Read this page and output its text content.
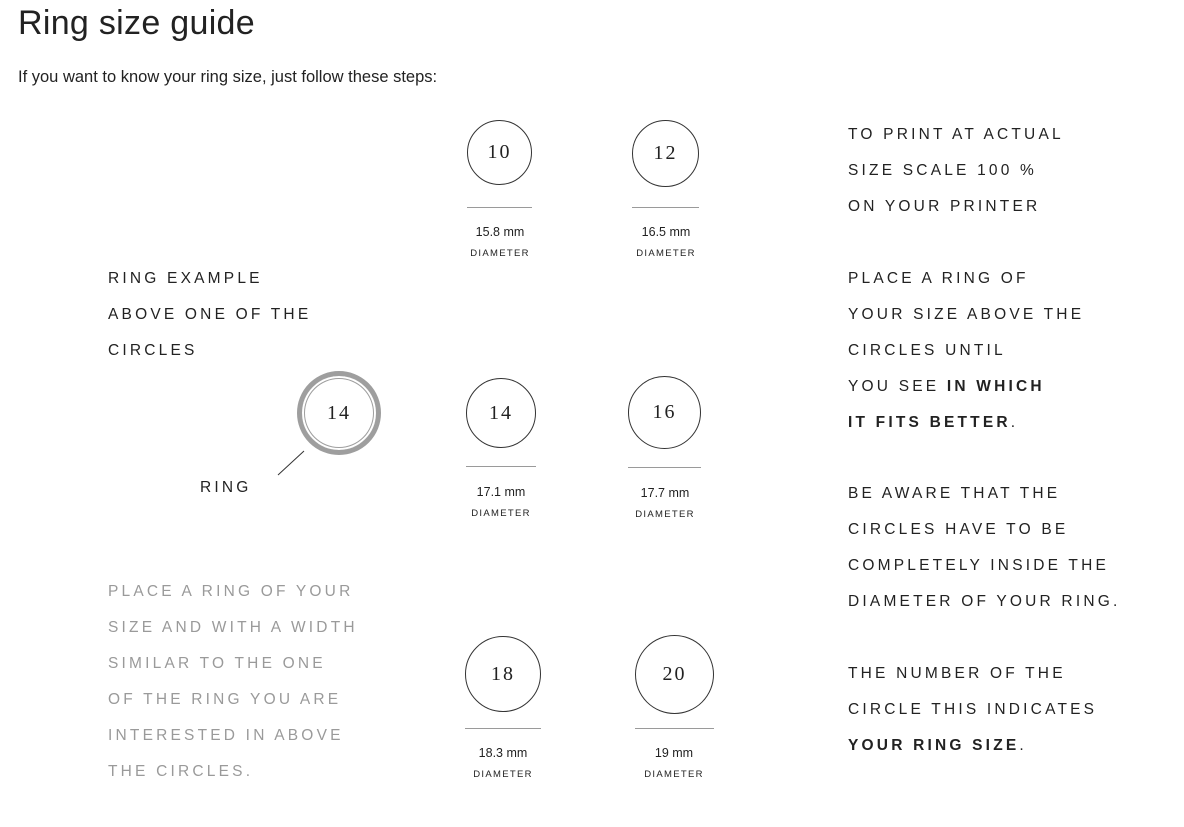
Ring size guide

If you want to know your ring size, just follow these steps:

RING EXAMPLE
ABOVE ONE OF THE
CIRCLES
14
RING
PLACE A RING OF YOUR
SIZE AND WITH A WIDTH
SIMILAR TO THE ONE
OF THE RING YOU ARE
INTERESTED IN ABOVE
THE CIRCLES.
10
15.8 mm
DIAMETER
12
16.5 mm
DIAMETER
14
17.1 mm
DIAMETER
16
17.7 mm
DIAMETER
18
18.3 mm
DIAMETER
20
19 mm
DIAMETER
TO PRINT AT ACTUAL
SIZE SCALE 100 %
ON YOUR PRINTER
PLACE A RING OF
YOUR SIZE ABOVE THE
CIRCLES UNTIL
YOU SEE IN WHICH
IT FITS BETTER.
BE AWARE THAT THE
CIRCLES HAVE TO BE
COMPLETELY INSIDE THE
DIAMETER OF YOUR RING.
THE NUMBER OF THE
CIRCLE THIS INDICATES
YOUR RING SIZE.
